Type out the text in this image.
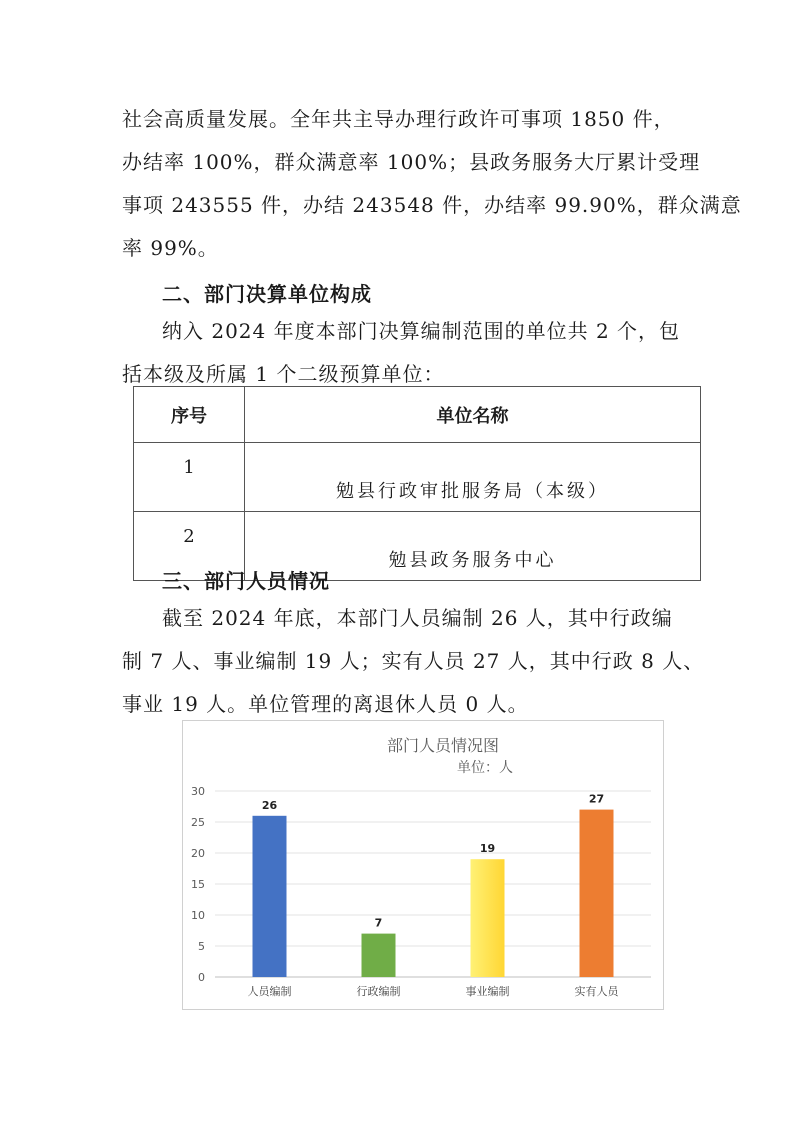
社会高质量发展。全年共主导办理行政许可事项 1850 件，
办结率 100%，群众满意率 100%；县政务服务大厅累计受理
事项 243555 件，办结 243548 件，办结率 99.90%，群众满意
率 99%。
二、部门决算单位构成
纳入 2024 年度本部门决算编制范围的单位共 2 个，包
括本级及所属 1 个二级预算单位：
序号	单位名称
1	勉县行政审批服务局（本级）
2	勉县政务服务中心
三、部门人员情况
截至 2024 年底，本部门人员编制 26 人，其中行政编
制 7 人、事业编制 19 人；实有人员 27 人，其中行政 8 人、
事业 19 人。单位管理的离退休人员 0 人。
部门人员情况图
单位：人
0
5
10
15
20
25
30
26
7
19
27
人员编制	行政编制	事业编制	实有人员
